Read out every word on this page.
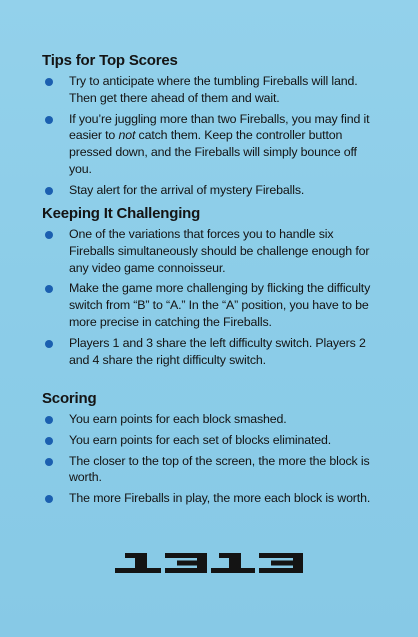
Tips for Top Scores
Try to anticipate where the tumbling Fireballs will land. Then get there ahead of them and wait.
If you’re juggling more than two Fireballs, you may find it easier to not catch them. Keep the controller button pressed down, and the Fireballs will simply bounce off you.
Stay alert for the arrival of mystery Fireballs.
Keeping It Challenging
One of the variations that forces you to handle six Fireballs simultaneously should be challenge enough for any video game connoisseur.
Make the game more challenging by flicking the difficulty switch from “B” to “A.” In the “A” position, you have to be more precise in catching the Fireballs.
Players 1 and 3 share the left difficulty switch. Players 2 and 4 share the right difficulty switch.
Scoring
You earn points for each block smashed.
You earn points for each set of blocks eliminated.
The closer to the top of the screen, the more the block is worth.
The more Fireballs in play, the more each block is worth.
